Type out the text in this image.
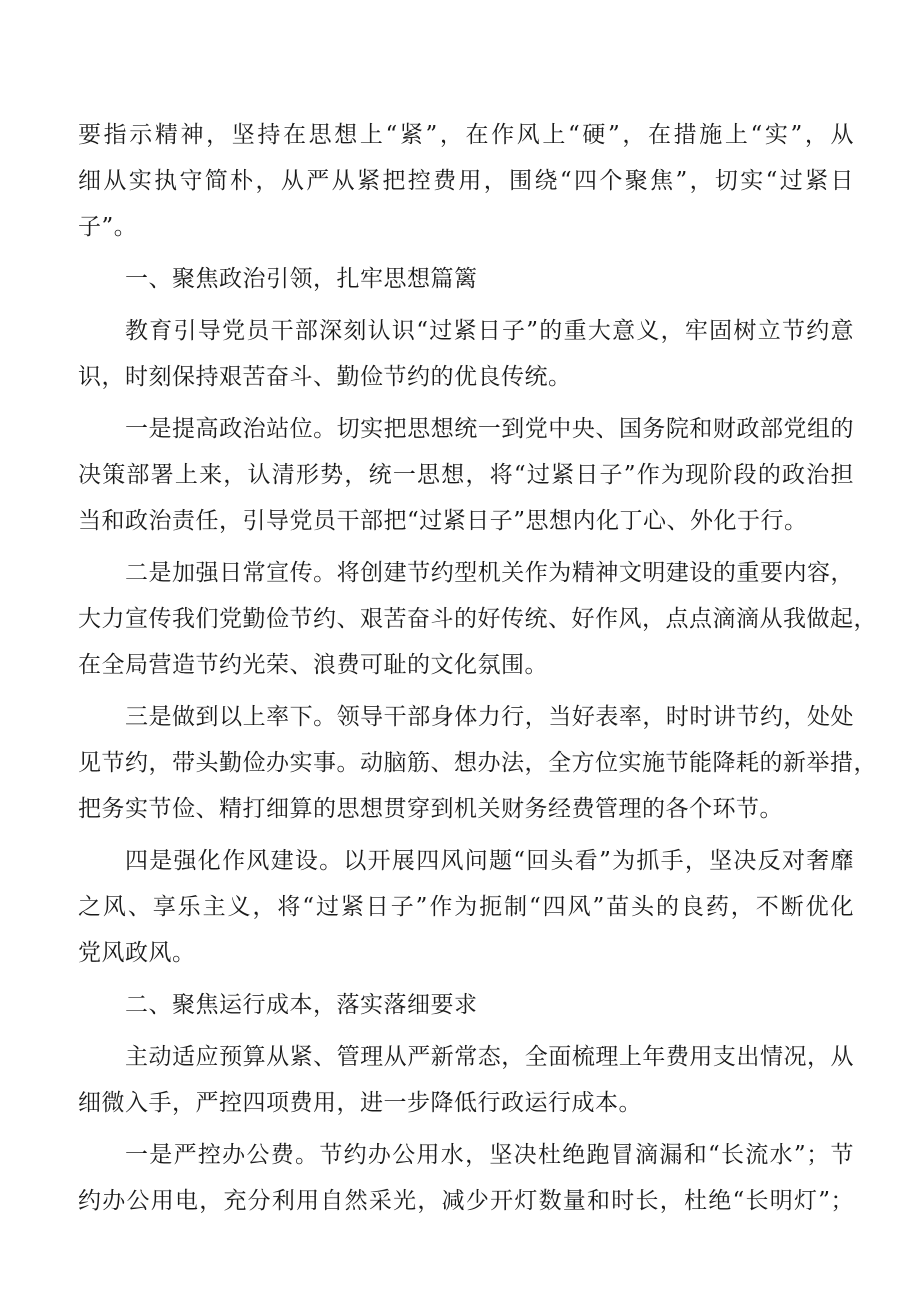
要指示精神，坚持在思想上“紧”，在作风上“硬”，在措施上“实”，从
细从实执守简朴，从严从紧把控费用，围绕“四个聚焦”，切实“过紧日
子”。
一、聚焦政治引领，扎牢思想篇篱
教育引导党员干部深刻认识“过紧日子”的重大意义，牢固树立节约意
识，时刻保持艰苦奋斗、勤俭节约的优良传统。
一是提高政治站位。切实把思想统一到党中央、国务院和财政部党组的
决策部署上来，认清形势，统一思想，将“过紧日子”作为现阶段的政治担
当和政治责任，引导党员干部把“过紧日子”思想内化丁心、外化于行。
二是加强日常宣传。将创建节约型机关作为精神文明建设的重要内容，
大力宣传我们党勤俭节约、艰苦奋斗的好传统、好作风，点点滴滴从我做起，
在全局营造节约光荣、浪费可耻的文化氛围。
三是做到以上率下。领导干部身体力行，当好表率，时时讲节约，处处
见节约，带头勤俭办实事。动脑筋、想办法，全方位实施节能降耗的新举措，
把务实节俭、精打细算的思想贯穿到机关财务经费管理的各个环节。
四是强化作风建设。以开展四风问题“回头看”为抓手，坚决反对奢靡
之风、享乐主义，将“过紧日子”作为扼制“四风”苗头的良药，不断优化
党风政风。
二、聚焦运行成本，落实落细要求
主动适应预算从紧、管理从严新常态，全面梳理上年费用支出情况，从
细微入手，严控四项费用，进一步降低行政运行成本。
一是严控办公费。节约办公用水，坚决杜绝跑冒滴漏和“长流水”；节
约办公用电，充分利用自然采光，减少开灯数量和时长，杜绝“长明灯”；
